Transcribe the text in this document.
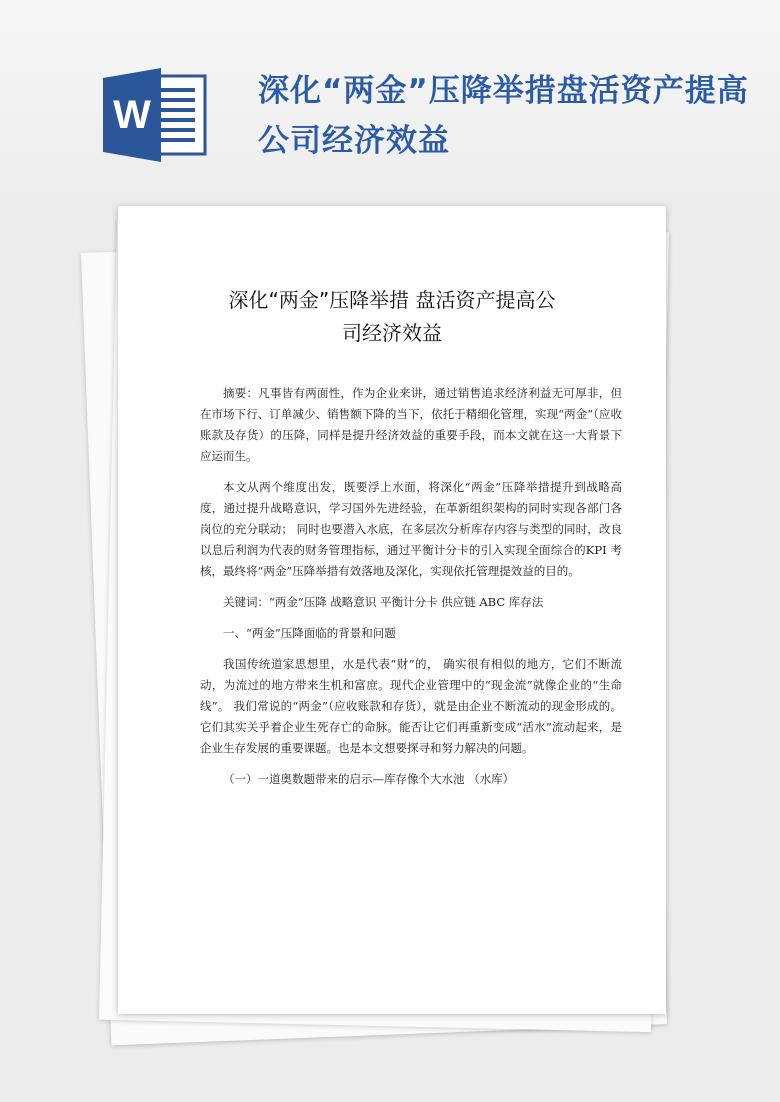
W
深化“两金”压降举措盘活资产提高公司经济效益
深化“两金”压降举措 盘活资产提高公
司经济效益

摘要：凡事皆有两面性，作为企业来讲，通过销售追求经济利益无可厚非，但在市场下行、订单减少、销售额下降的当下，依托于精细化管理，实现“两金”（应收账款及存货）的压降，同样是提升经济效益的重要手段，而本文就在这一大背景下应运而生。

本文从两个维度出发，既要浮上水面，将深化“两金”压降举措提升到战略高度，通过提升战略意识，学习国外先进经验，在革新组织架构的同时实现各部门各岗位的充分联动； 同时也要潜入水底，在多层次分析库存内容与类型的同时，改良以息后利润为代表的财务管理指标，通过平衡计分卡的引入实现全面综合的KPI 考核，最终将“两金”压降举措有效落地及深化，实现依托管理提效益的目的。

关键词：“两金”压降 战略意识 平衡计分卡 供应链 ABC 库存法

一、“两金”压降面临的背景和问题

我国传统道家思想里，水是代表“财”的， 确实很有相似的地方，它们不断流动，为流过的地方带来生机和富庶。现代企业管理中的“现金流”就像企业的“生命线”。 我们常说的“两金”（应收账款和存货），就是由企业不断流动的现金形成的。 它们其实关乎着企业生死存亡的命脉。能否让它们再重新变成“活水”流动起来，是企业生存发展的重要课题。也是本文想要探寻和努力解决的问题。

（一）一道奥数题带来的启示—库存像个大水池 （水库）
